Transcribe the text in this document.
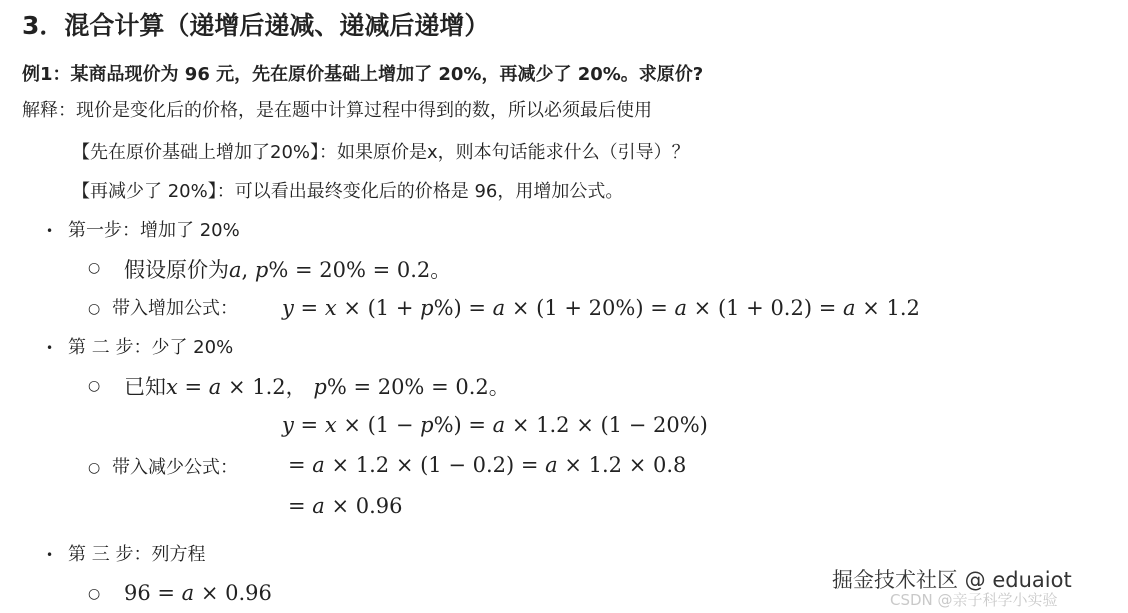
3．混合计算（递增后递减、递减后递增）
例1：某商品现价为 96 元，先在原价基础上增加了 20%，再减少了 20%。求原价?
解释：现价是变化后的价格，是在题中计算过程中得到的数，所以必须最后使用
【先在原价基础上增加了20%】：如果原价是x，则本句话能求什么（引导）？
【再减少了 20%】：可以看出最终变化后的价格是 96，用增加公式。
• 第一步：增加了 20%
○ 假设原价为a, p% = 20% = 0.2。
○ 带入增加公式： y = x × (1 + p%) = a × (1 + 20%) = a × (1 + 0.2) = a × 1.2
• 第 二 步：少了 20%
○ 已知x = a × 1.2， p% = 20% = 0.2。
y = x × (1 − p%) = a × 1.2 × (1 − 20%)
○ 带入减少公式： = a × 1.2 × (1 − 0.2) = a × 1.2 × 0.8
= a × 0.96
• 第 三 步：列方程
○ 96 = a × 0.96
掘金技术社区 @ eduaiot
CSDN @亲子科学小实验
